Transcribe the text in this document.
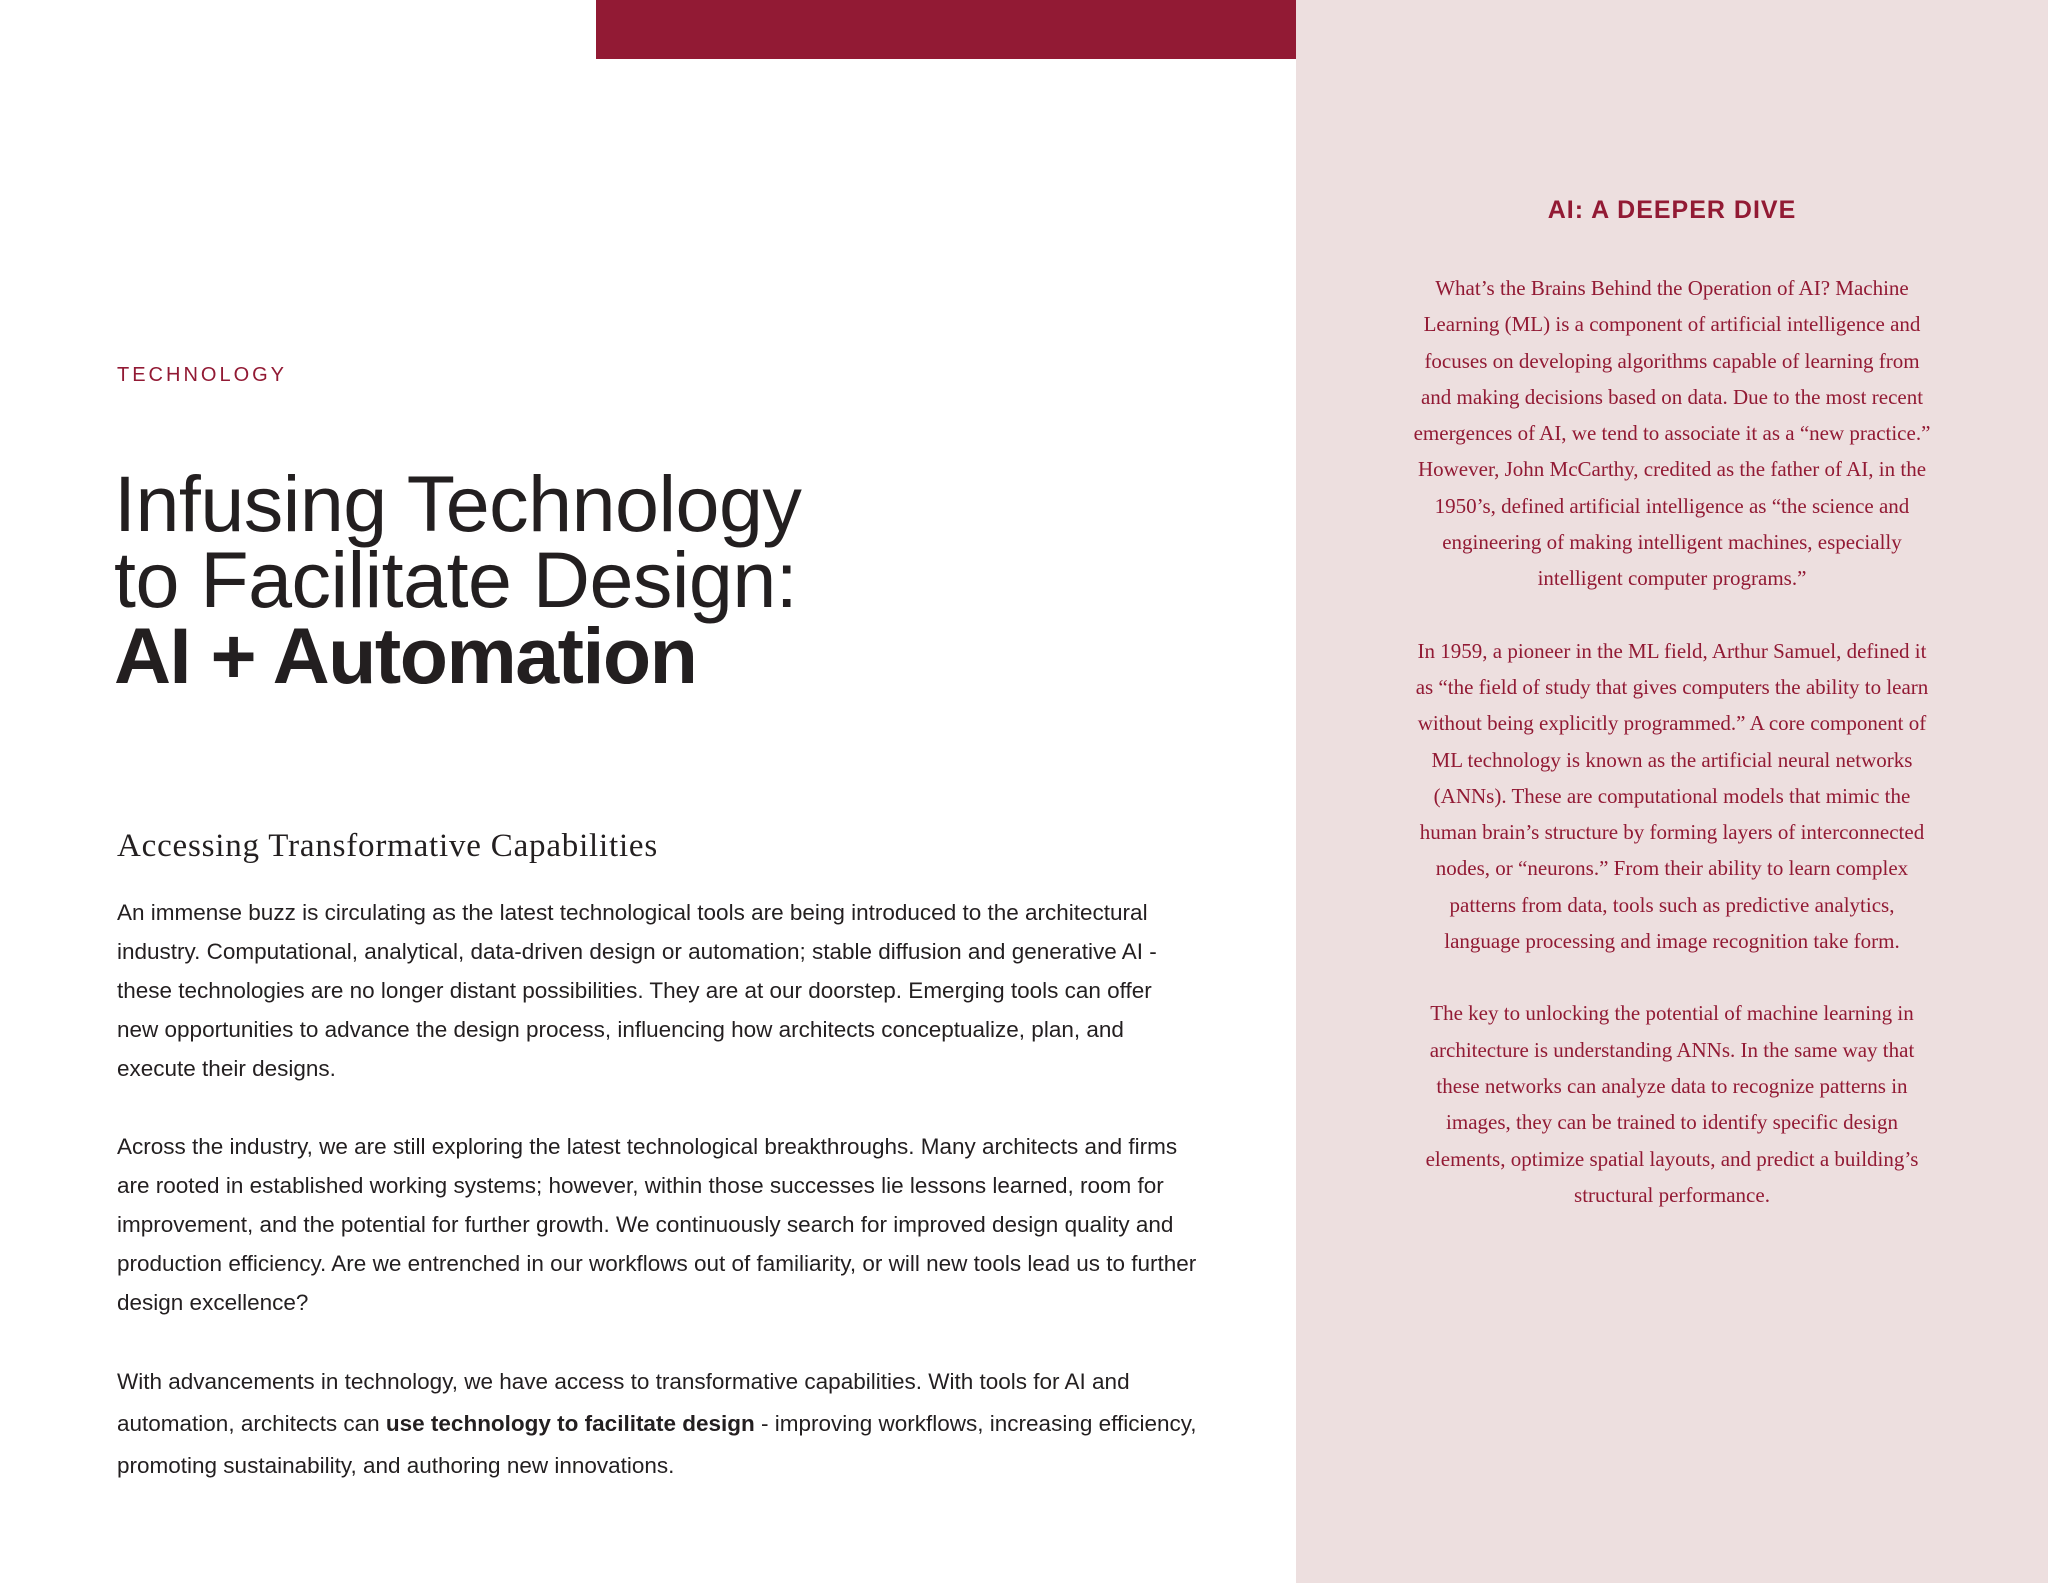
AI: A DEEPER DIVE

What’s the Brains Behind the Operation of AI? Machine Learning (ML) is a component of artificial intelligence and focuses on developing algorithms capable of learning from and making decisions based on data. Due to the most recent emergences of AI, we tend to associate it as a “new practice.” However, John McCarthy, credited as the father of AI, in the 1950’s, defined artificial intelligence as “the science and engineering of making intelligent machines, especially intelligent computer programs.”

In 1959, a pioneer in the ML field, Arthur Samuel, defined it as “the field of study that gives computers the ability to learn without being explicitly programmed.” A core component of ML technology is known as the artificial neural networks (ANNs). These are computational models that mimic the human brain’s structure by forming layers of interconnected nodes, or “neurons.” From their ability to learn complex patterns from data, tools such as predictive analytics, language processing and image recognition take form.

The key to unlocking the potential of machine learning in architecture is understanding ANNs. In the same way that these networks can analyze data to recognize patterns in images, they can be trained to identify specific design elements, optimize spatial layouts, and predict a building’s structural performance.

TECHNOLOGY
Infusing Technology
to Facilitate Design:
AI + Automation
Accessing Transformative Capabilities

An immense buzz is circulating as the latest technological tools are being introduced to the architectural industry. Computational, analytical, data-driven design or automation; stable diffusion and generative AI - these technologies are no longer distant possibilities. They are at our doorstep. Emerging tools can offer new opportunities to advance the design process, influencing how architects conceptualize, plan, and execute their designs.

Across the industry, we are still exploring the latest technological breakthroughs. Many architects and firms are rooted in established working systems; however, within those successes lie lessons learned, room for improvement, and the potential for further growth. We continuously search for improved design quality and production efficiency. Are we entrenched in our workflows out of familiarity, or will new tools lead us to further design excellence?

With advancements in technology, we have access to transformative capabilities. With tools for AI and automation, architects can use technology to facilitate design - improving workflows, increasing efficiency, promoting sustainability, and authoring new innovations.
